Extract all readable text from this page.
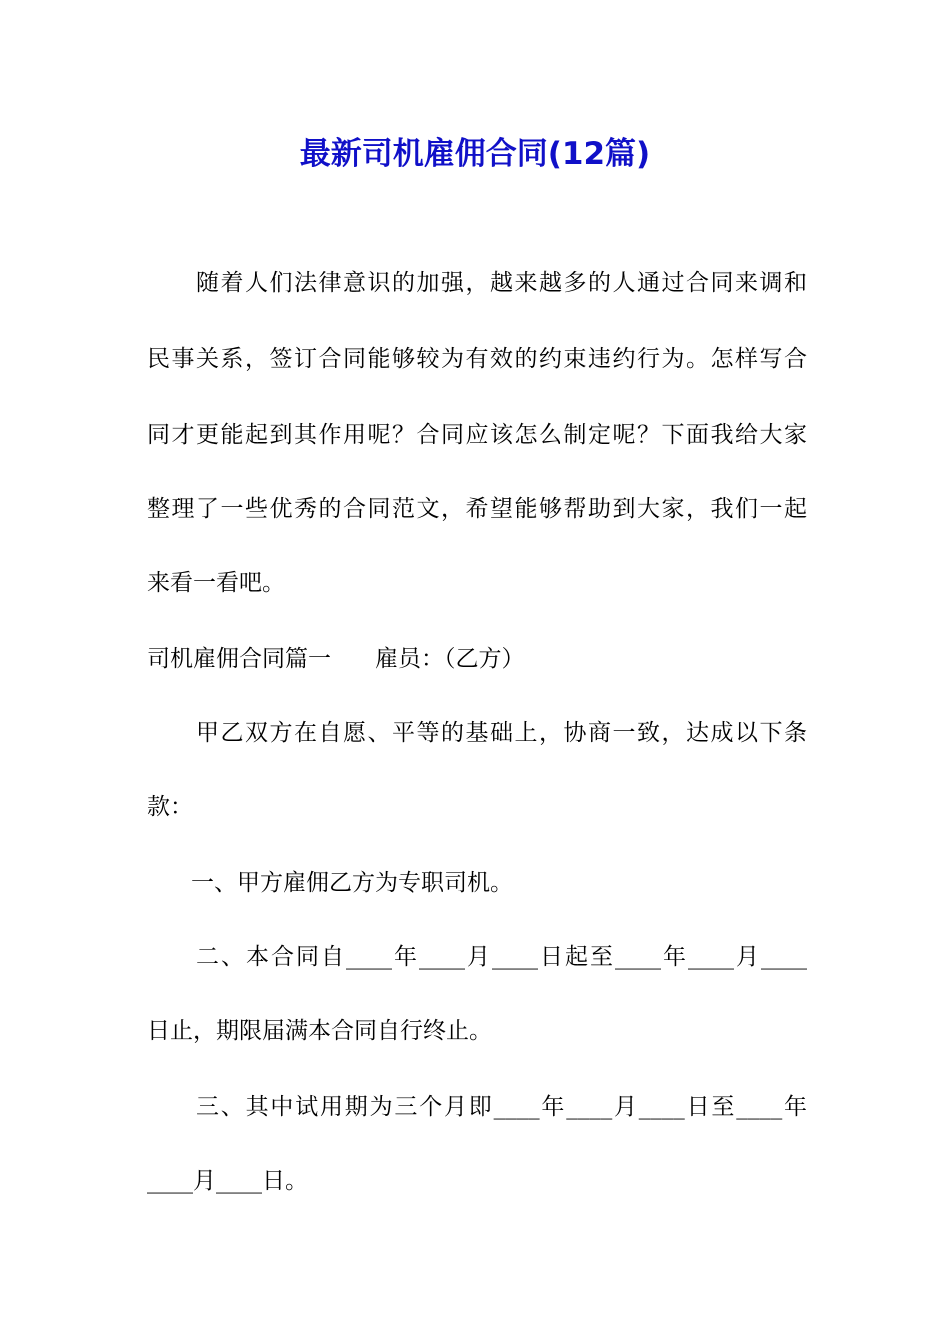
最新司机雇佣合同(12篇)
随着人们法律意识的加强，越来越多的人通过合同来调和
民事关系，签订合同能够较为有效的约束违约行为。怎样写合
同才更能起到其作用呢？合同应该怎么制定呢？下面我给大家
整理了一些优秀的合同范文，希望能够帮助到大家，我们一起
来看一看吧。
司机雇佣合同篇一 雇员：（乙方）
甲乙双方在自愿、平等的基础上，协商一致，达成以下条
款：
一、甲方雇佣乙方为专职司机。
二、本合同自____年____月____日起至____年____月____
日止，期限届满本合同自行终止。
三、其中试用期为三个月即____年____月____日至____年
____月____日。
